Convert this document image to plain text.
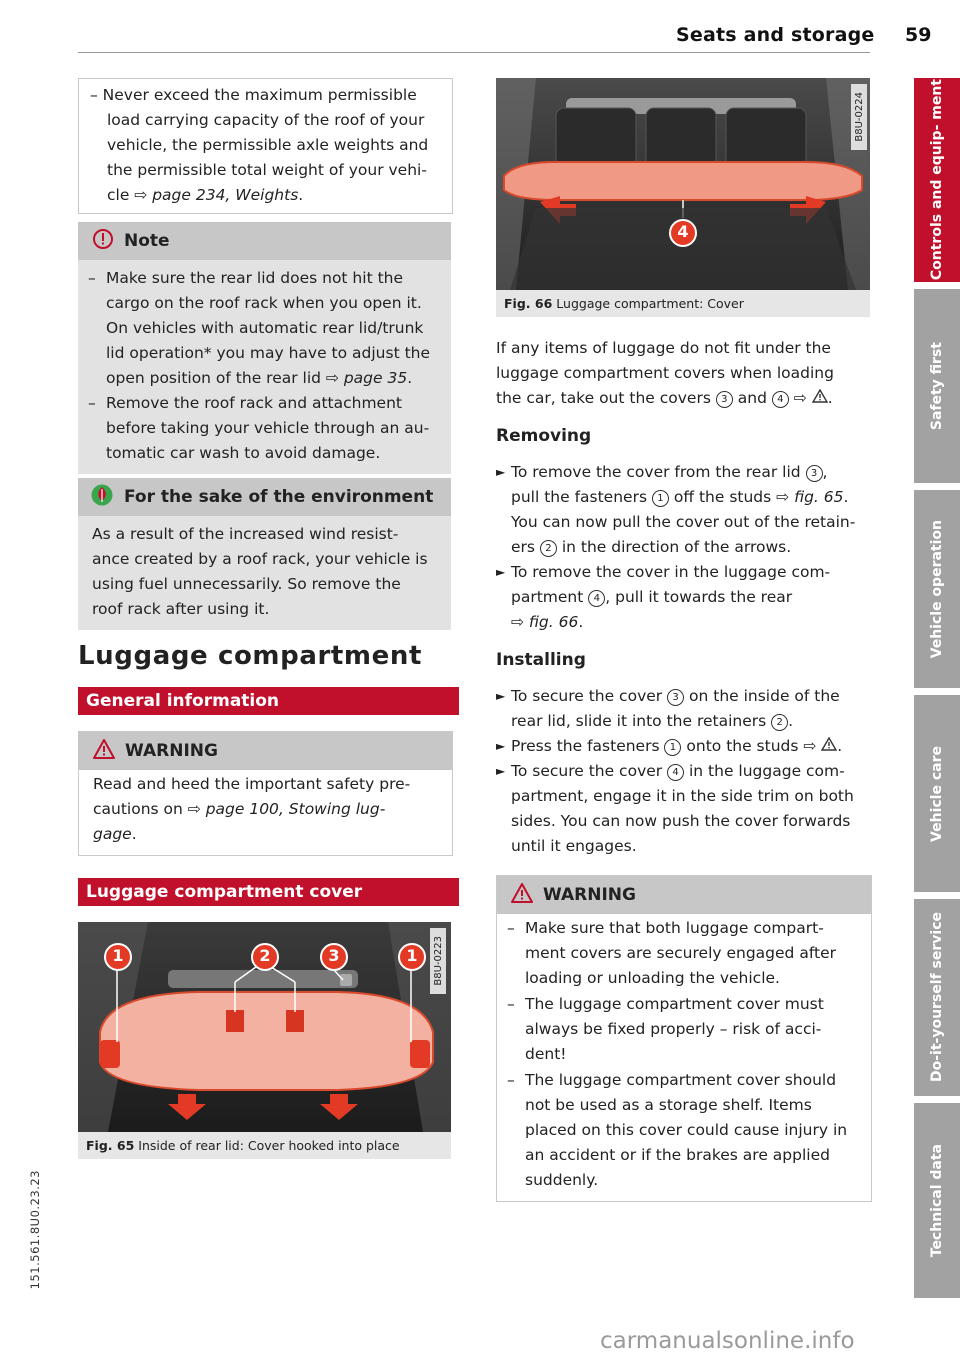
Seats and storage 59
– Never exceed the maximum permissible
load carrying capacity of the roof of your
vehicle, the permissible axle weights and
the permissible total weight of your vehi-
cle ⇨ page 234, Weights.
Note
– Make sure the rear lid does not hit the
cargo on the roof rack when you open it.
On vehicles with automatic rear lid/trunk
lid operation* you may have to adjust the
open position of the rear lid ⇨ page 35.
– Remove the roof rack and attachment
before taking your vehicle through an au-
tomatic car wash to avoid damage.
For the sake of the environment
As a result of the increased wind resist-
ance created by a roof rack, your vehicle is
using fuel unnecessarily. So remove the
roof rack after using it.
Luggage compartment
General information
WARNING
Read and heed the important safety pre-
cautions on ⇨ page 100, Stowing lug-
gage.
Luggage compartment cover
B8U-0223
Fig. 65 Inside of rear lid: Cover hooked into place
1	2	3	1
B8U-0224
4
Fig. 66 Luggage compartment: Cover
If any items of luggage do not fit under the
luggage compartment covers when loading
the car, take out the covers 3 and 4 ⇨ .
Removing
► To remove the cover from the rear lid 3 ,
pull the fasteners 1 off the studs ⇨ fig. 65.
You can now pull the cover out of the retain-
ers 2 in the direction of the arrows.
► To remove the cover in the luggage com-
partment 4 , pull it towards the rear
⇨ fig. 66.
Installing
► To secure the cover 3 on the inside of the
rear lid, slide it into the retainers 2 .
► Press the fasteners 1 onto the studs ⇨ .
► To secure the cover 4 in the luggage com-
partment, engage it in the side trim on both
sides. You can now push the cover forwards
until it engages.
WARNING
– Make sure that both luggage compart-
ment covers are securely engaged after
loading or unloading the vehicle.
– The luggage compartment cover must
always be fixed properly – risk of acci-
dent!
– The luggage compartment cover should
not be used as a storage shelf. Items
placed on this cover could cause injury in
an accident or if the brakes are applied
suddenly.
Controls and equip- ment
Safety first
Vehicle operation
Vehicle care
Do-it-yourself service
Technical data
151.561.8U0.23.23
carmanualsonline.info
